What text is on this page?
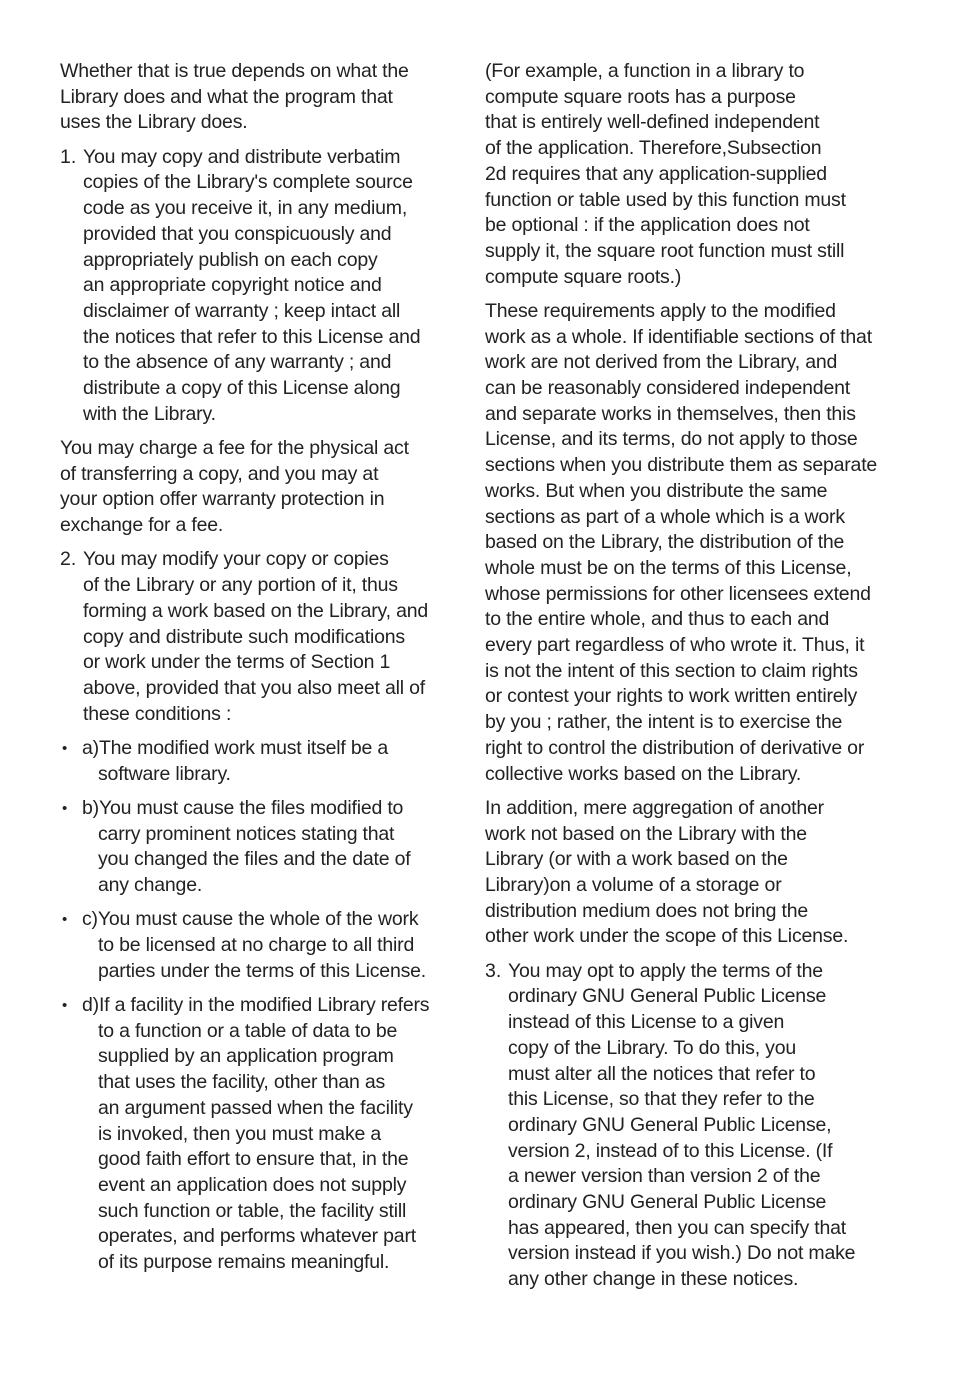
Whether that is true depends on what the
Library does and what the program that
uses the Library does.
1. You may copy and distribute verbatim
copies of the Library's complete source
code as you receive it, in any medium,
provided that you conspicuously and
appropriately publish on each copy
an appropriate copyright notice and
disclaimer of warranty ; keep intact all
the notices that refer to this License and
to the absence of any warranty ; and
distribute a copy of this License along
with the Library.
You may charge a fee for the physical act
of transferring a copy, and you may at
your option offer warranty protection in
exchange for a fee.
2. You may modify your copy or copies
of the Library or any portion of it, thus
forming a work based on the Library, and
copy and distribute such modifications
or work under the terms of Section 1
above, provided that you also meet all of
these conditions :
• a)The modified work must itself be a
software library.
• b)You must cause the files modified to
carry prominent notices stating that
you changed the files and the date of
any change.
• c)You must cause the whole of the work
to be licensed at no charge to all third
parties under the terms of this License.
• d)If a facility in the modified Library refers
to a function or a table of data to be
supplied by an application program
that uses the facility, other than as
an argument passed when the facility
is invoked, then you must make a
good faith effort to ensure that, in the
event an application does not supply
such function or table, the facility still
operates, and performs whatever part
of its purpose remains meaningful.
(For example, a function in a library to
compute square roots has a purpose
that is entirely well-defined independent
of the application. Therefore,Subsection
2d requires that any application-supplied
function or table used by this function must
be optional : if the application does not
supply it, the square root function must still
compute square roots.)
These requirements apply to the modified
work as a whole. If identifiable sections of that
work are not derived from the Library, and
can be reasonably considered independent
and separate works in themselves, then this
License, and its terms, do not apply to those
sections when you distribute them as separate
works. But when you distribute the same
sections as part of a whole which is a work
based on the Library, the distribution of the
whole must be on the terms of this License,
whose permissions for other licensees extend
to the entire whole, and thus to each and
every part regardless of who wrote it. Thus, it
is not the intent of this section to claim rights
or contest your rights to work written entirely
by you ; rather, the intent is to exercise the
right to control the distribution of derivative or
collective works based on the Library.
In addition, mere aggregation of another
work not based on the Library with the
Library (or with a work based on the
Library)on a volume of a storage or
distribution medium does not bring the
other work under the scope of this License.
3. You may opt to apply the terms of the
ordinary GNU General Public License
instead of this License to a given
copy of the Library. To do this, you
must alter all the notices that refer to
this License, so that they refer to the
ordinary GNU General Public License,
version 2, instead of to this License. (If
a newer version than version 2 of the
ordinary GNU General Public License
has appeared, then you can specify that
version instead if you wish.) Do not make
any other change in these notices.
